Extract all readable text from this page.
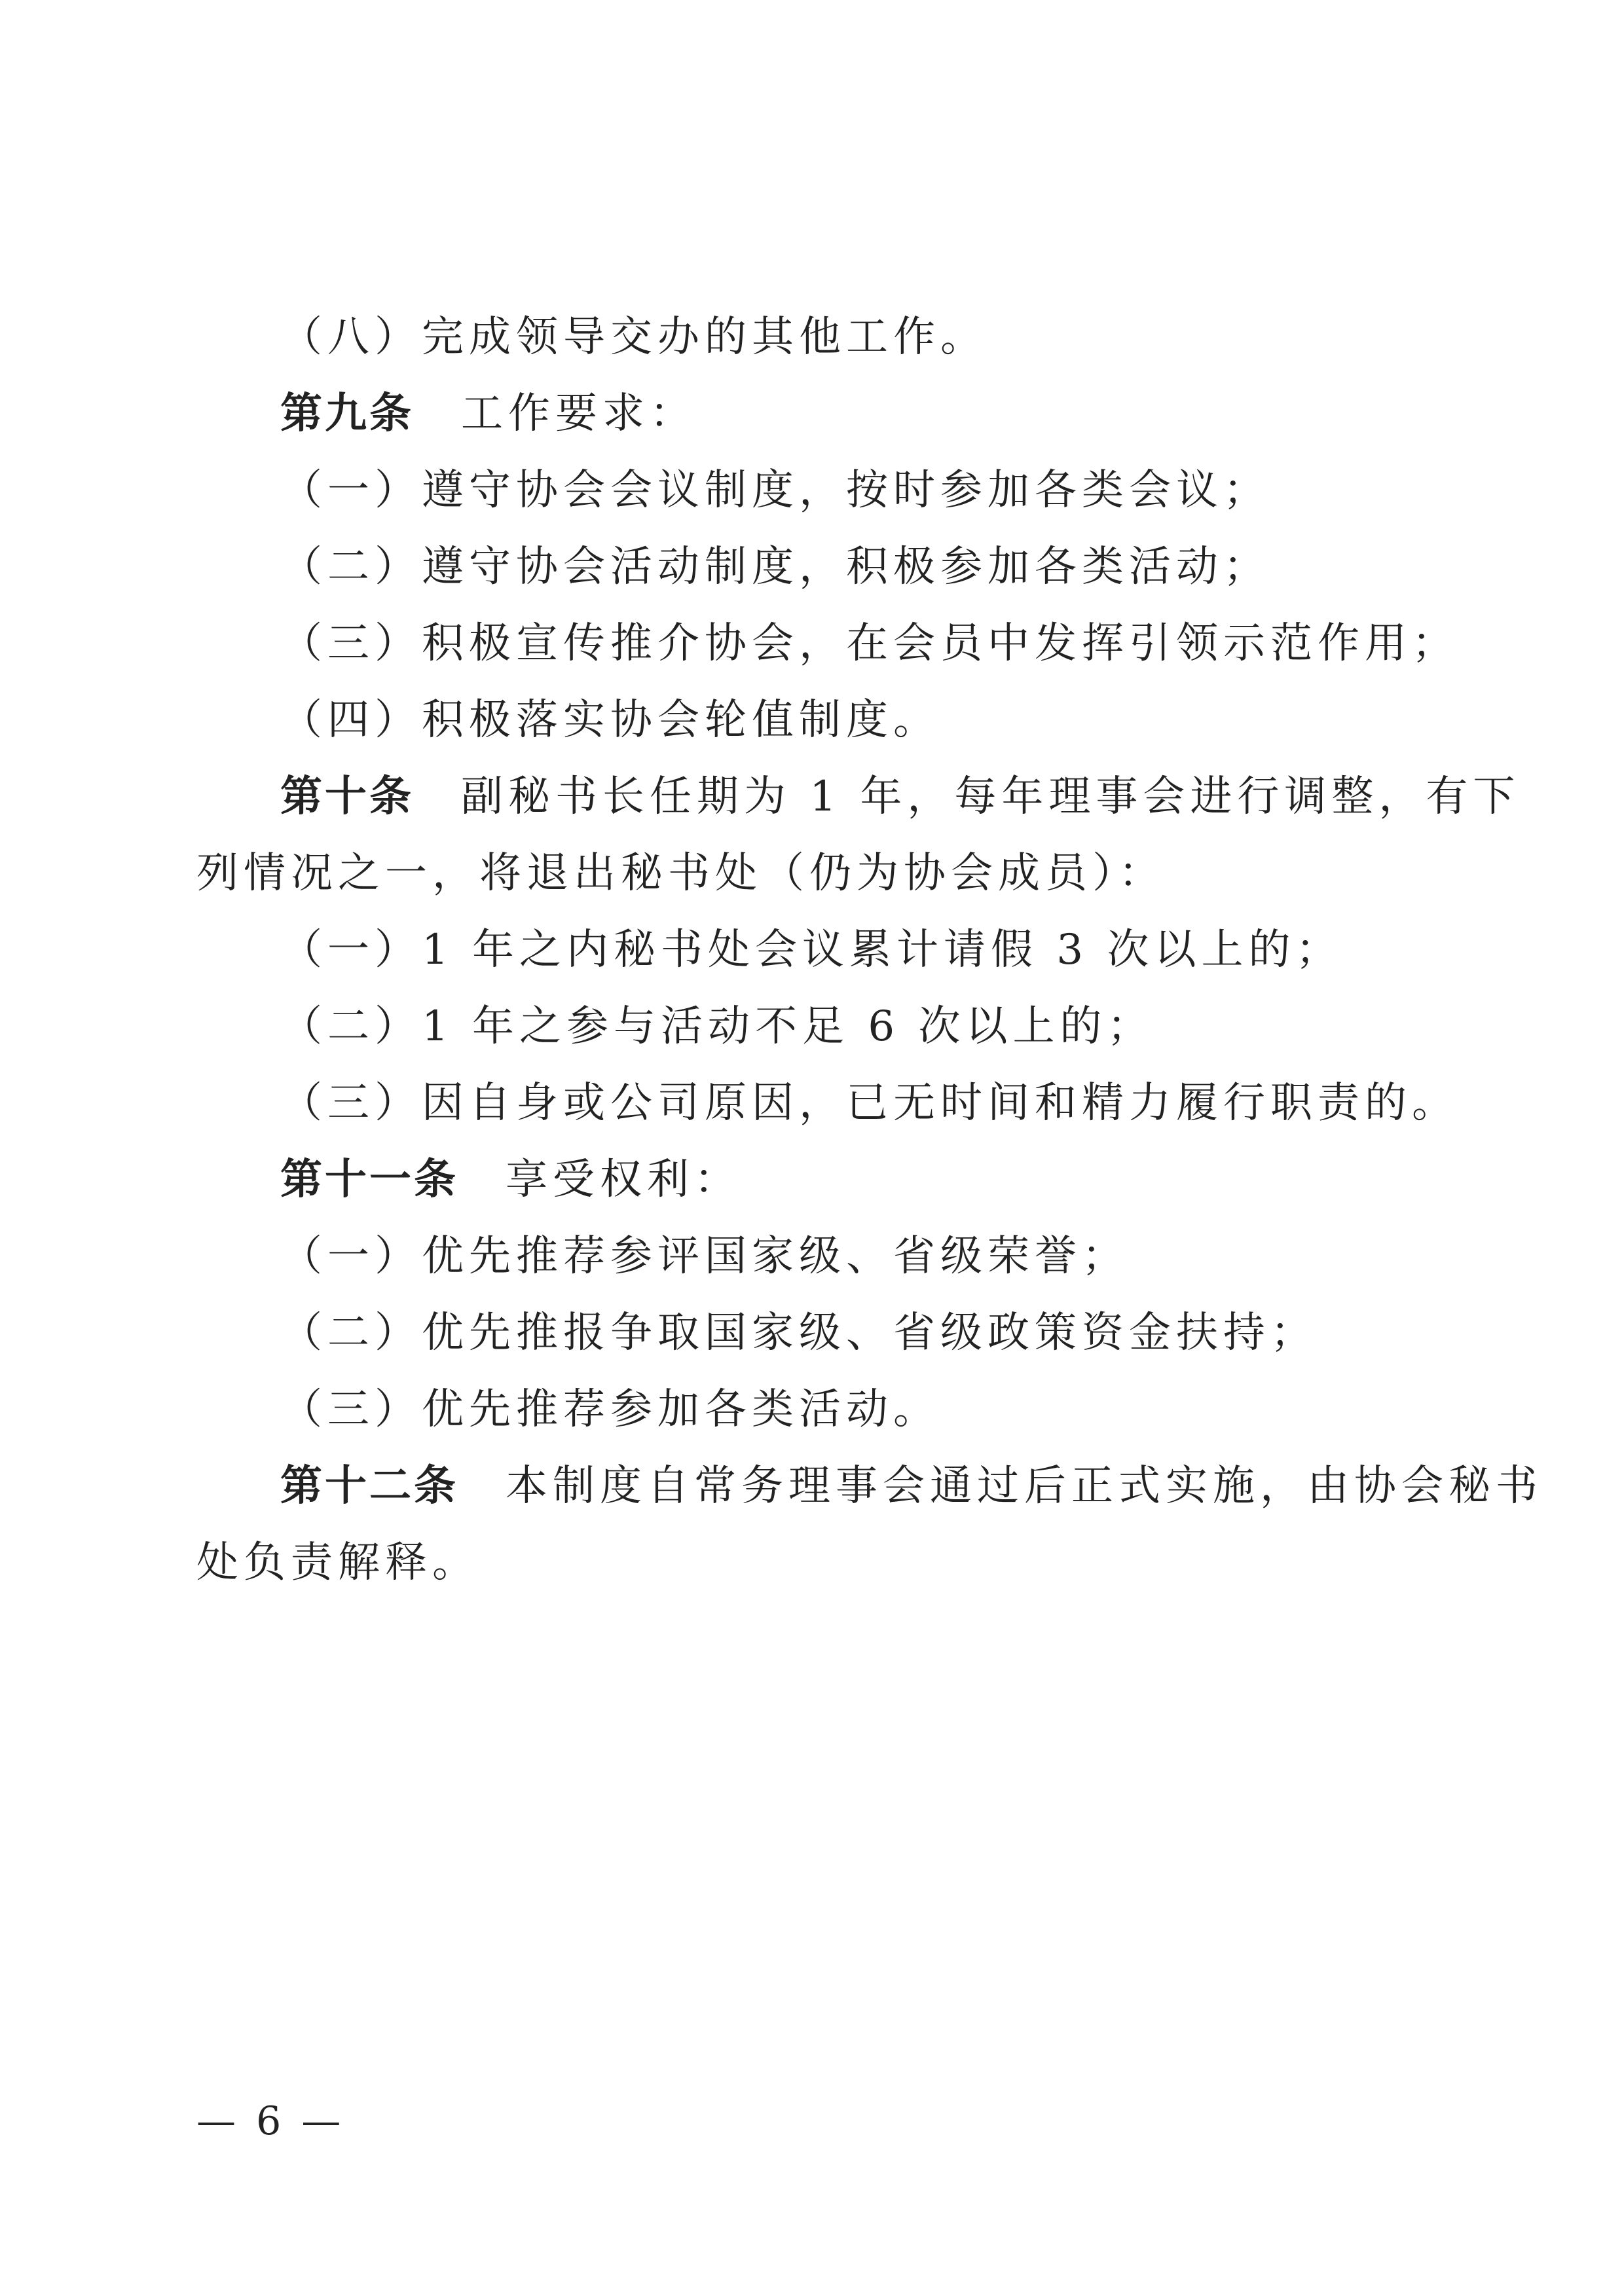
（八）完成领导交办的其他工作。
第九条　工作要求：
（一）遵守协会会议制度，按时参加各类会议；
（二）遵守协会活动制度，积极参加各类活动；
（三）积极宣传推介协会，在会员中发挥引领示范作用；
（四）积极落实协会轮值制度。
第十条　副秘书长任期为 1 年，每年理事会进行调整，有下
列情况之一，将退出秘书处（仍为协会成员）：
（一）1 年之内秘书处会议累计请假 3 次以上的；
（二）1 年之参与活动不足 6 次以上的；
（三）因自身或公司原因，已无时间和精力履行职责的。
第十一条　享受权利：
（一）优先推荐参评国家级、省级荣誉；
（二）优先推报争取国家级、省级政策资金扶持；
（三）优先推荐参加各类活动。
第十二条　本制度自常务理事会通过后正式实施，由协会秘书
处负责解释。
— 6 —
